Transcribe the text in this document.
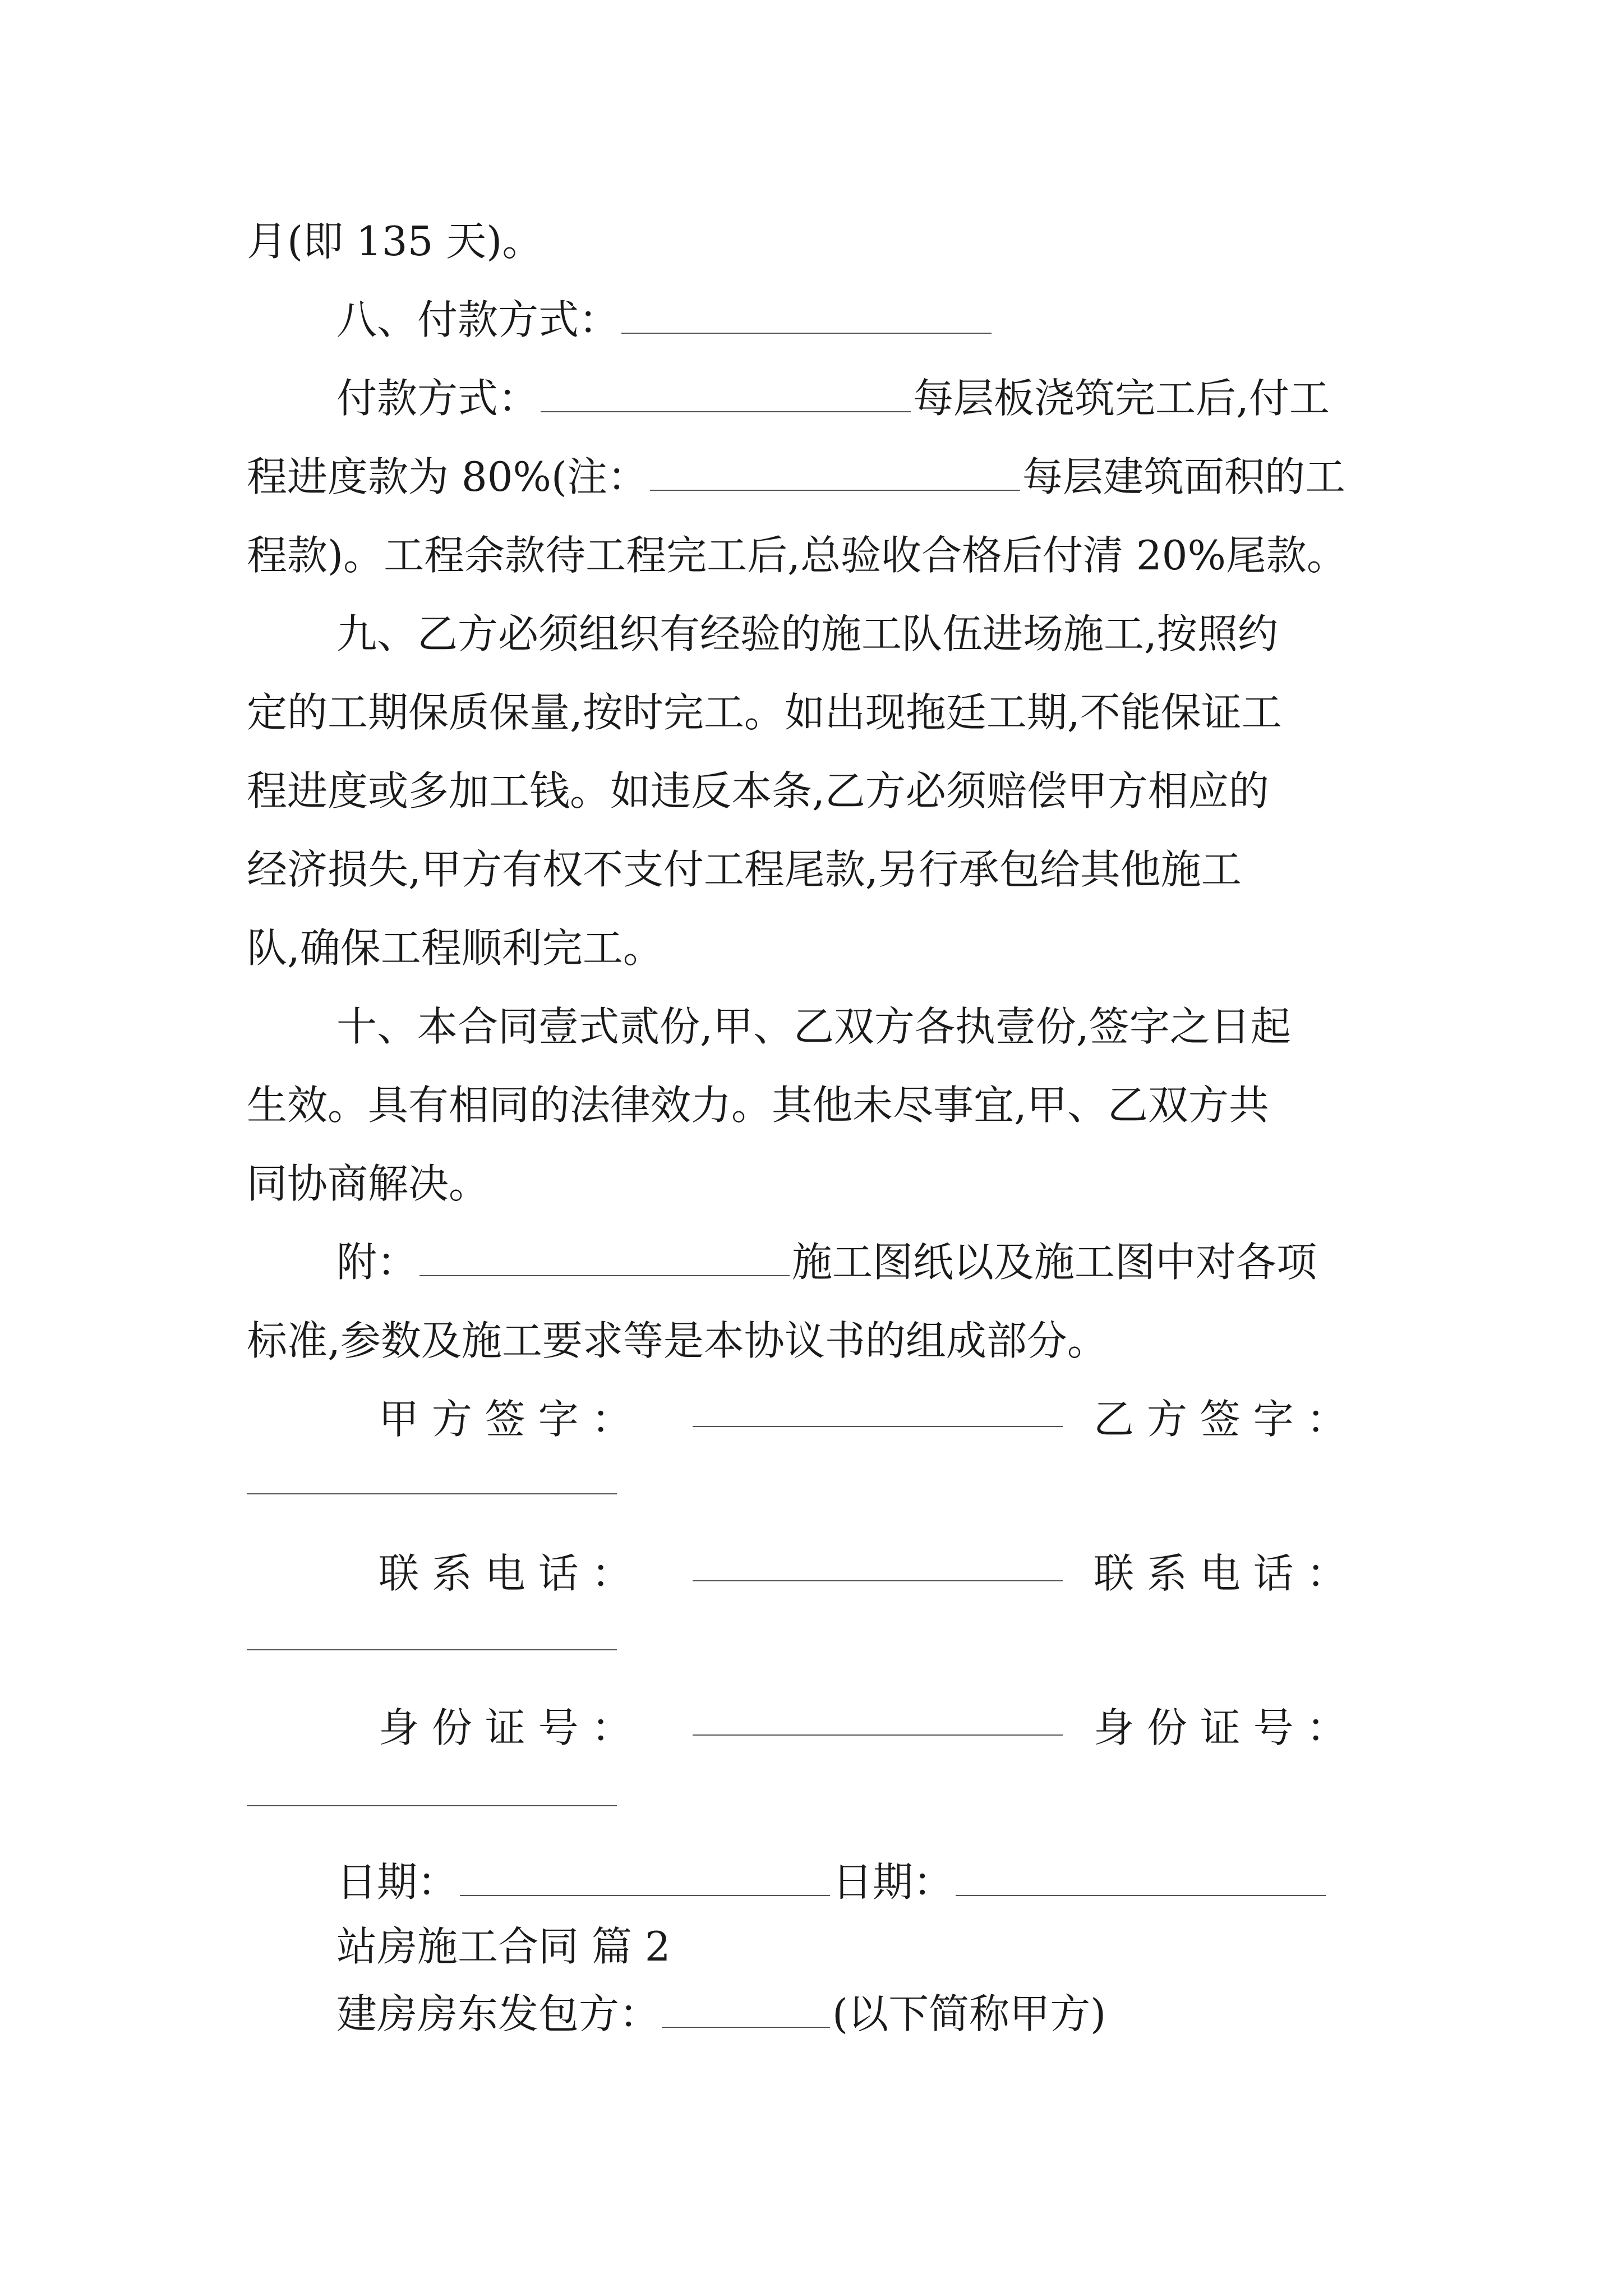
月(即 135 天)。
八、付款方式：
付款方式：	每层板浇筑完工后,付工
程进度款为 80%(注：	每层建筑面积的工
程款)。工程余款待工程完工后,总验收合格后付清 20%尾款。
九、乙方必须组织有经验的施工队伍进场施工,按照约
定的工期保质保量,按时完工。如出现拖廷工期,不能保证工
程进度或多加工钱。如违反本条,乙方必须赔偿甲方相应的
经济损失,甲方有权不支付工程尾款,另行承包给其他施工
队,确保工程顺利完工。
十、本合同壹式贰份,甲、乙双方各执壹份,签字之日起
生效。具有相同的法律效力。其他未尽事宜,甲、乙双方共
同协商解决。
附：	施工图纸以及施工图中对各项
标准,参数及施工要求等是本协议书的组成部分。
甲 方 签 字 ：	乙 方 签 字 ：
联 系 电 话 ：	联 系 电 话 ：
身 份 证 号 ：	身 份 证 号 ：
日期：	日期：
站房施工合同 篇 2
建房房东发包方：	(以下简称甲方)
